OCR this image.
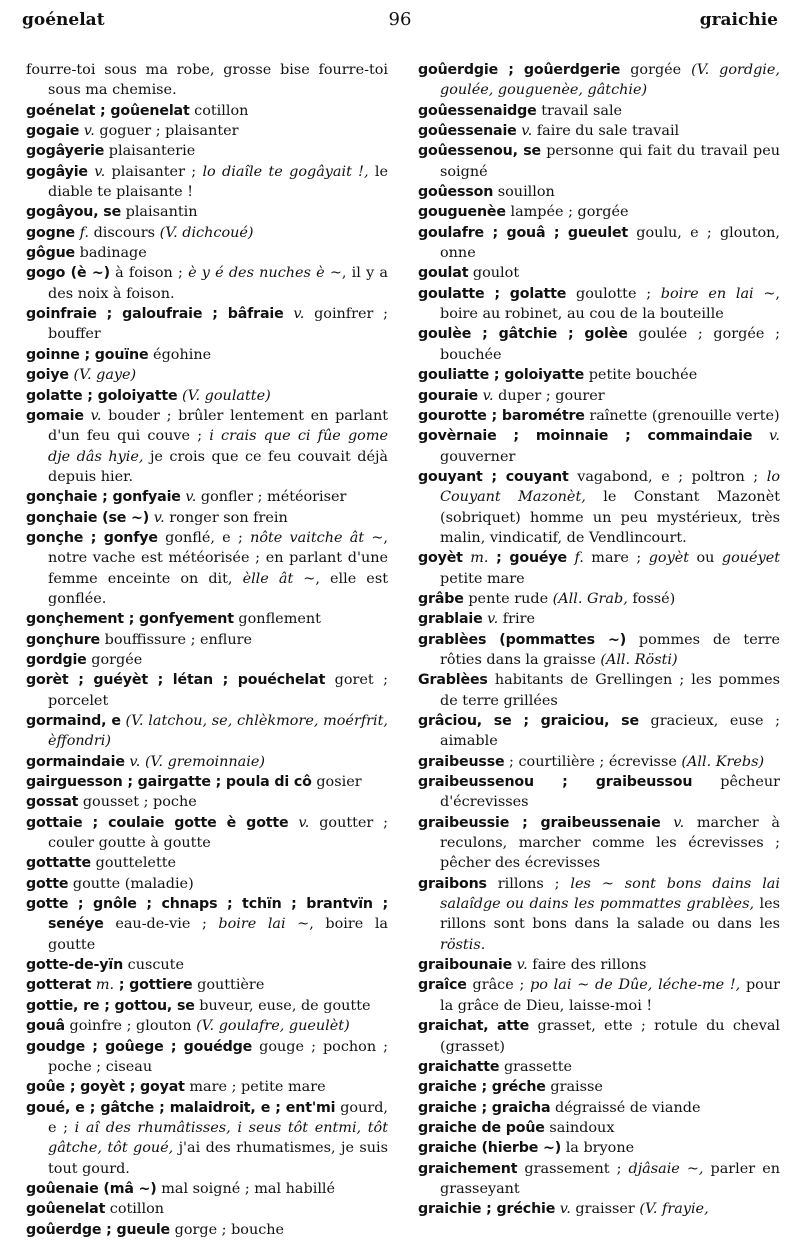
goénelat	96	graichie

fourre-toi sous ma robe, grosse bise fourre-toi sous ma chemise.

goénelat ; goûenelat cotillon

gogaie v. goguer ; plaisanter

gogâyerie plaisanterie

gogâyie v. plaisanter ; lo diaîle te gogâyait !, le diable te plaisante !

gogâyou, se plaisantin

gogne f. discours (V. dichcoué)

gôgue badinage

gogo (è ~) à foison ; è y é des nuches è ~, il y a des noix à foison.

goinfraie ; galoufraie ; bâfraie v. goinfrer ; bouffer

goinne ; gouïne égohine

goiye (V. gaye)

golatte ; goloiyatte (V. goulatte)

gomaie v. bouder ; brûler lentement en parlant d'un feu qui couve ; i crais que ci fûe gome dje dâs hyie, je crois que ce feu couvait déjà depuis hier.

gonçhaie ; gonfyaie v. gonfler ; météoriser

gonçhaie (se ~) v. ronger son frein

gonçhe ; gonfye gonflé, e ; nôte vaitche ât ~, notre vache est météorisée ; en parlant d'une femme enceinte on dit, èlle ât ~, elle est gonflée.

gonçhement ; gonfyement gonflement

gonçhure bouffissure ; enflure

gordgie gorgée

gorèt ; guéyèt ; létan ; pouéchelat goret ; porcelet

gormaind, e (V. latchou, se, chlèkmore, moérfrit, èffondri)

gormaindaie v. (V. gremoinnaie)

gairguesson ; gairgatte ; poula di cô gosier

gossat gousset ; poche

gottaie ; coulaie gotte è gotte v. goutter ; couler goutte à goutte

gottatte gouttelette

gotte goutte (maladie)

gotte ; gnôle ; chnaps ; tchïn ; brantvïn ; senéye eau-de-vie ; boire lai ~, boire la goutte

gotte-de-yïn cuscute

gotterat m. ; gottiere gouttière

gottie, re ; gottou, se buveur, euse, de goutte

gouâ goinfre ; glouton (V. goulafre, gueulèt)

goudge ; goûege ; gouédge gouge ; pochon ; poche ; ciseau

goûe ; goyèt ; goyat mare ; petite mare

goué, e ; gâtche ; malaidroit, e ; ent'mi gourd, e ; i aî des rhumâtisses, i seus tôt entmi, tôt gâtche, tôt goué, j'ai des rhumatismes, je suis tout gourd.

goûenaie (mâ ~) mal soigné ; mal habillé

goûenelat cotillon

goûerdge ; gueule gorge ; bouche

goûerdgie ; goûerdgerie gorgée (V. gordgie, goulée, gouguenèe, gâtchie)

goûessenaidge travail sale

goûessenaie v. faire du sale travail

goûessenou, se personne qui fait du travail peu soigné

goûesson souillon

gouguenèe lampée ; gorgée

goulafre ; gouâ ; gueulet goulu, e ; glouton, onne

goulat goulot

goulatte ; golatte goulotte ; boire en lai ~, boire au robinet, au cou de la bouteille

goulèe ; gâtchie ; golèe goulée ; gorgée ; bouchée

gouliatte ; goloiyatte petite bouchée

gouraie v. duper ; gourer

gourotte ; barométre raînette (grenouille verte)

govèrnaie ; moinnaie ; commaindaie v. gouverner

gouyant ; couyant vagabond, e ; poltron ; lo Couyant Mazonèt, le Constant Mazonèt (sobriquet) homme un peu mystérieux, très malin, vindicatif, de Vendlincourt.

goyèt m. ; gouéye f. mare ; goyèt ou gouéyet petite mare

grâbe pente rude (All. Grab, fossé)

grablaie v. frire

grablèes (pommattes ~) pommes de terre rôties dans la graisse (All. Rösti)

Grablèes habitants de Grellingen ; les pommes de terre grillées

grâciou, se ; graiciou, se gracieux, euse ; aimable

graibeusse ; courtilière ; écrevisse (All. Krebs)

graibeussenou ; graibeussou pêcheur d'écrevisses

graibeussie ; graibeussenaie v. marcher à reculons, marcher comme les écrevisses ; pêcher des écrevisses

graibons rillons ; les ~ sont bons dains lai salaîdge ou dains les pommattes grablèes, les rillons sont bons dans la salade ou dans les röstis.

graibounaie v. faire des rillons

graîce grâce ; po lai ~ de Dûe, léche-me !, pour la grâce de Dieu, laisse-moi !

graichat, atte grasset, ette ; rotule du cheval (grasset)

graichatte grassette

graiche ; gréche graisse

graiche ; graicha dégraissé de viande

graiche de poûe saindoux

graiche (hierbe ~) la bryone

graichement grassement ; djâsaie ~, parler en grasseyant

graichie ; gréchie v. graisser (V. frayie,
